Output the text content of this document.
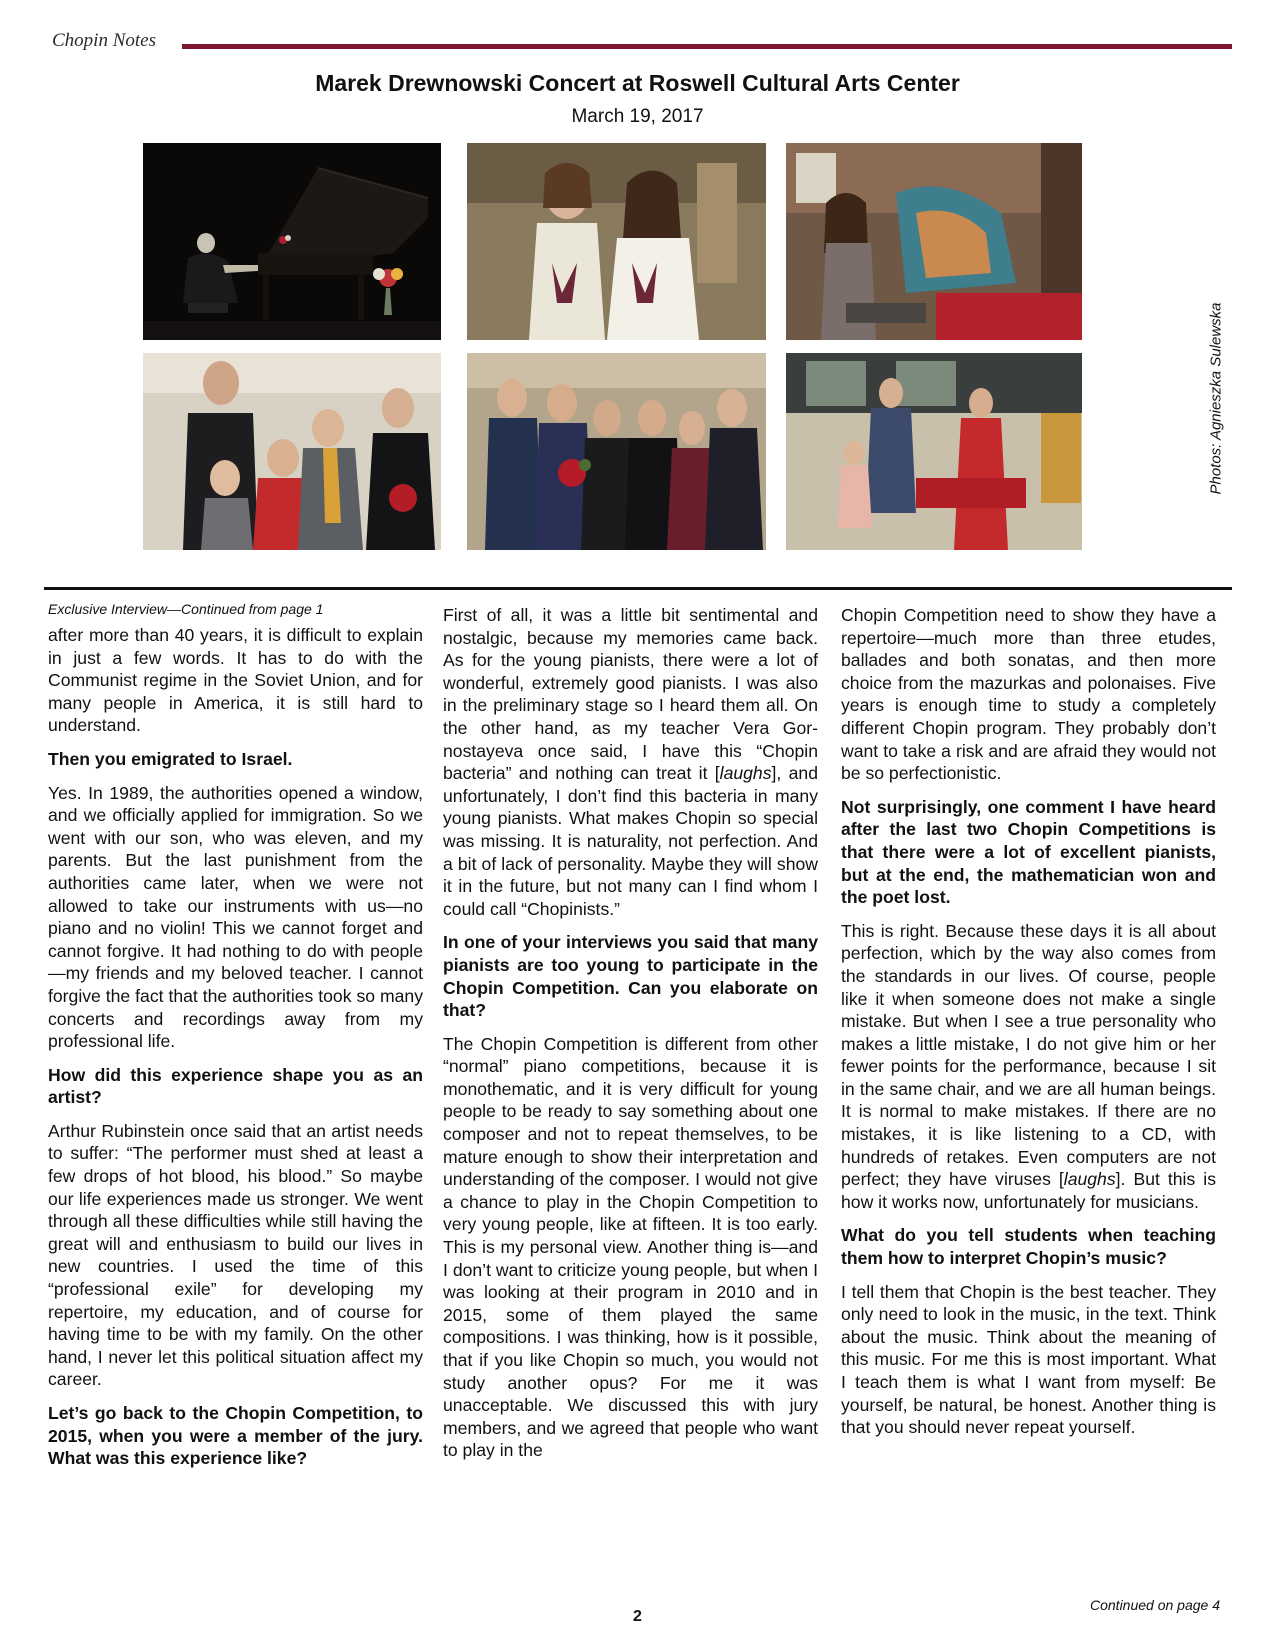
Chopin Notes
Marek Drewnowski Concert at Roswell Cultural Arts Center
March 19, 2017
Photos: Agnieszka Sulewska
Exclusive Interview—Continued from page 1

after more than 40 years, it is difficult to explain in just a few words. It has to do with the Communist regime in the Soviet Union, and for many people in America, it is still hard to understand.

Then you emigrated to Israel.

Yes. In 1989, the authorities opened a window, and we officially applied for immigration. So we went with our son, who was eleven, and my parents. But the last punishment from the authorities came later, when we were not allowed to take our instruments with us—no piano and no violin! This we cannot forget and cannot forgive. It had nothing to do with people—my friends and my beloved teacher. I cannot forgive the fact that the authorities took so many concerts and recordings away from my professional life.

How did this experience shape you as an artist?

Arthur Rubinstein once said that an artist needs to suffer: “The performer must shed at least a few drops of hot blood, his blood.” So maybe our life experiences made us stronger. We went through all these difficulties while still having the great will and enthusiasm to build our lives in new countries. I used the time of this “professional exile” for developing my repertoire, my education, and of course for having time to be with my family. On the other hand, I never let this political situation affect my career.

Let’s go back to the Chopin Competition, to 2015, when you were a member of the jury. What was this experience like?

First of all, it was a little bit sentimental and nostalgic, because my memories came back. As for the young pianists, there were a lot of wonderful, extremely good pianists. I was also in the preliminary stage so I heard them all. On the other hand, as my teacher Vera Gornostayeva once said, I have this “Chopin bacteria” and nothing can treat it [laughs], and unfortunately, I don’t find this bacteria in many young pianists. What makes Chopin so special was missing. It is naturality, not perfection. And a bit of lack of personality. Maybe they will show it in the future, but not many can I find whom I could call “Chopinists.”

In one of your interviews you said that many pianists are too young to participate in the Chopin Competition. Can you elaborate on that?

The Chopin Competition is different from other “normal” piano competitions, because it is monothematic, and it is very difficult for young people to be ready to say something about one composer and not to repeat themselves, to be mature enough to show their interpretation and understanding of the composer. I would not give a chance to play in the Chopin Competition to very young people, like at fifteen. It is too early. This is my personal view. Another thing is—and I don’t want to criticize young people, but when I was looking at their program in 2010 and in 2015, some of them played the same compositions. I was thinking, how is it possible, that if you like Chopin so much, you would not study another opus? For me it was unacceptable. We discussed this with jury members, and we agreed that people who want to play in the

Chopin Competition need to show they have a repertoire—much more than three etudes, ballades and both sonatas, and then more choice from the mazurkas and polonaises. Five years is enough time to study a completely different Chopin program. They probably don’t want to take a risk and are afraid they would not be so perfectionistic.

Not surprisingly, one comment I have heard after the last two Chopin Competitions is that there were a lot of excellent pianists, but at the end, the mathematician won and the poet lost.

This is right. Because these days it is all about perfection, which by the way also comes from the standards in our lives. Of course, people like it when someone does not make a single mistake. But when I see a true personality who makes a little mistake, I do not give him or her fewer points for the performance, because I sit in the same chair, and we are all human beings. It is normal to make mistakes. If there are no mistakes, it is like listening to a CD, with hundreds of retakes. Even computers are not perfect; they have viruses [laughs]. But this is how it works now, unfortunately for musicians.

What do you tell students when teaching them how to interpret Chopin’s music?

I tell them that Chopin is the best teacher. They only need to look in the music, in the text. Think about the music. Think about the meaning of this music. For me this is most important. What I teach them is what I want from myself: Be yourself, be natural, be honest. Another thing is that you should never repeat yourself.

Continued on page 4
2
